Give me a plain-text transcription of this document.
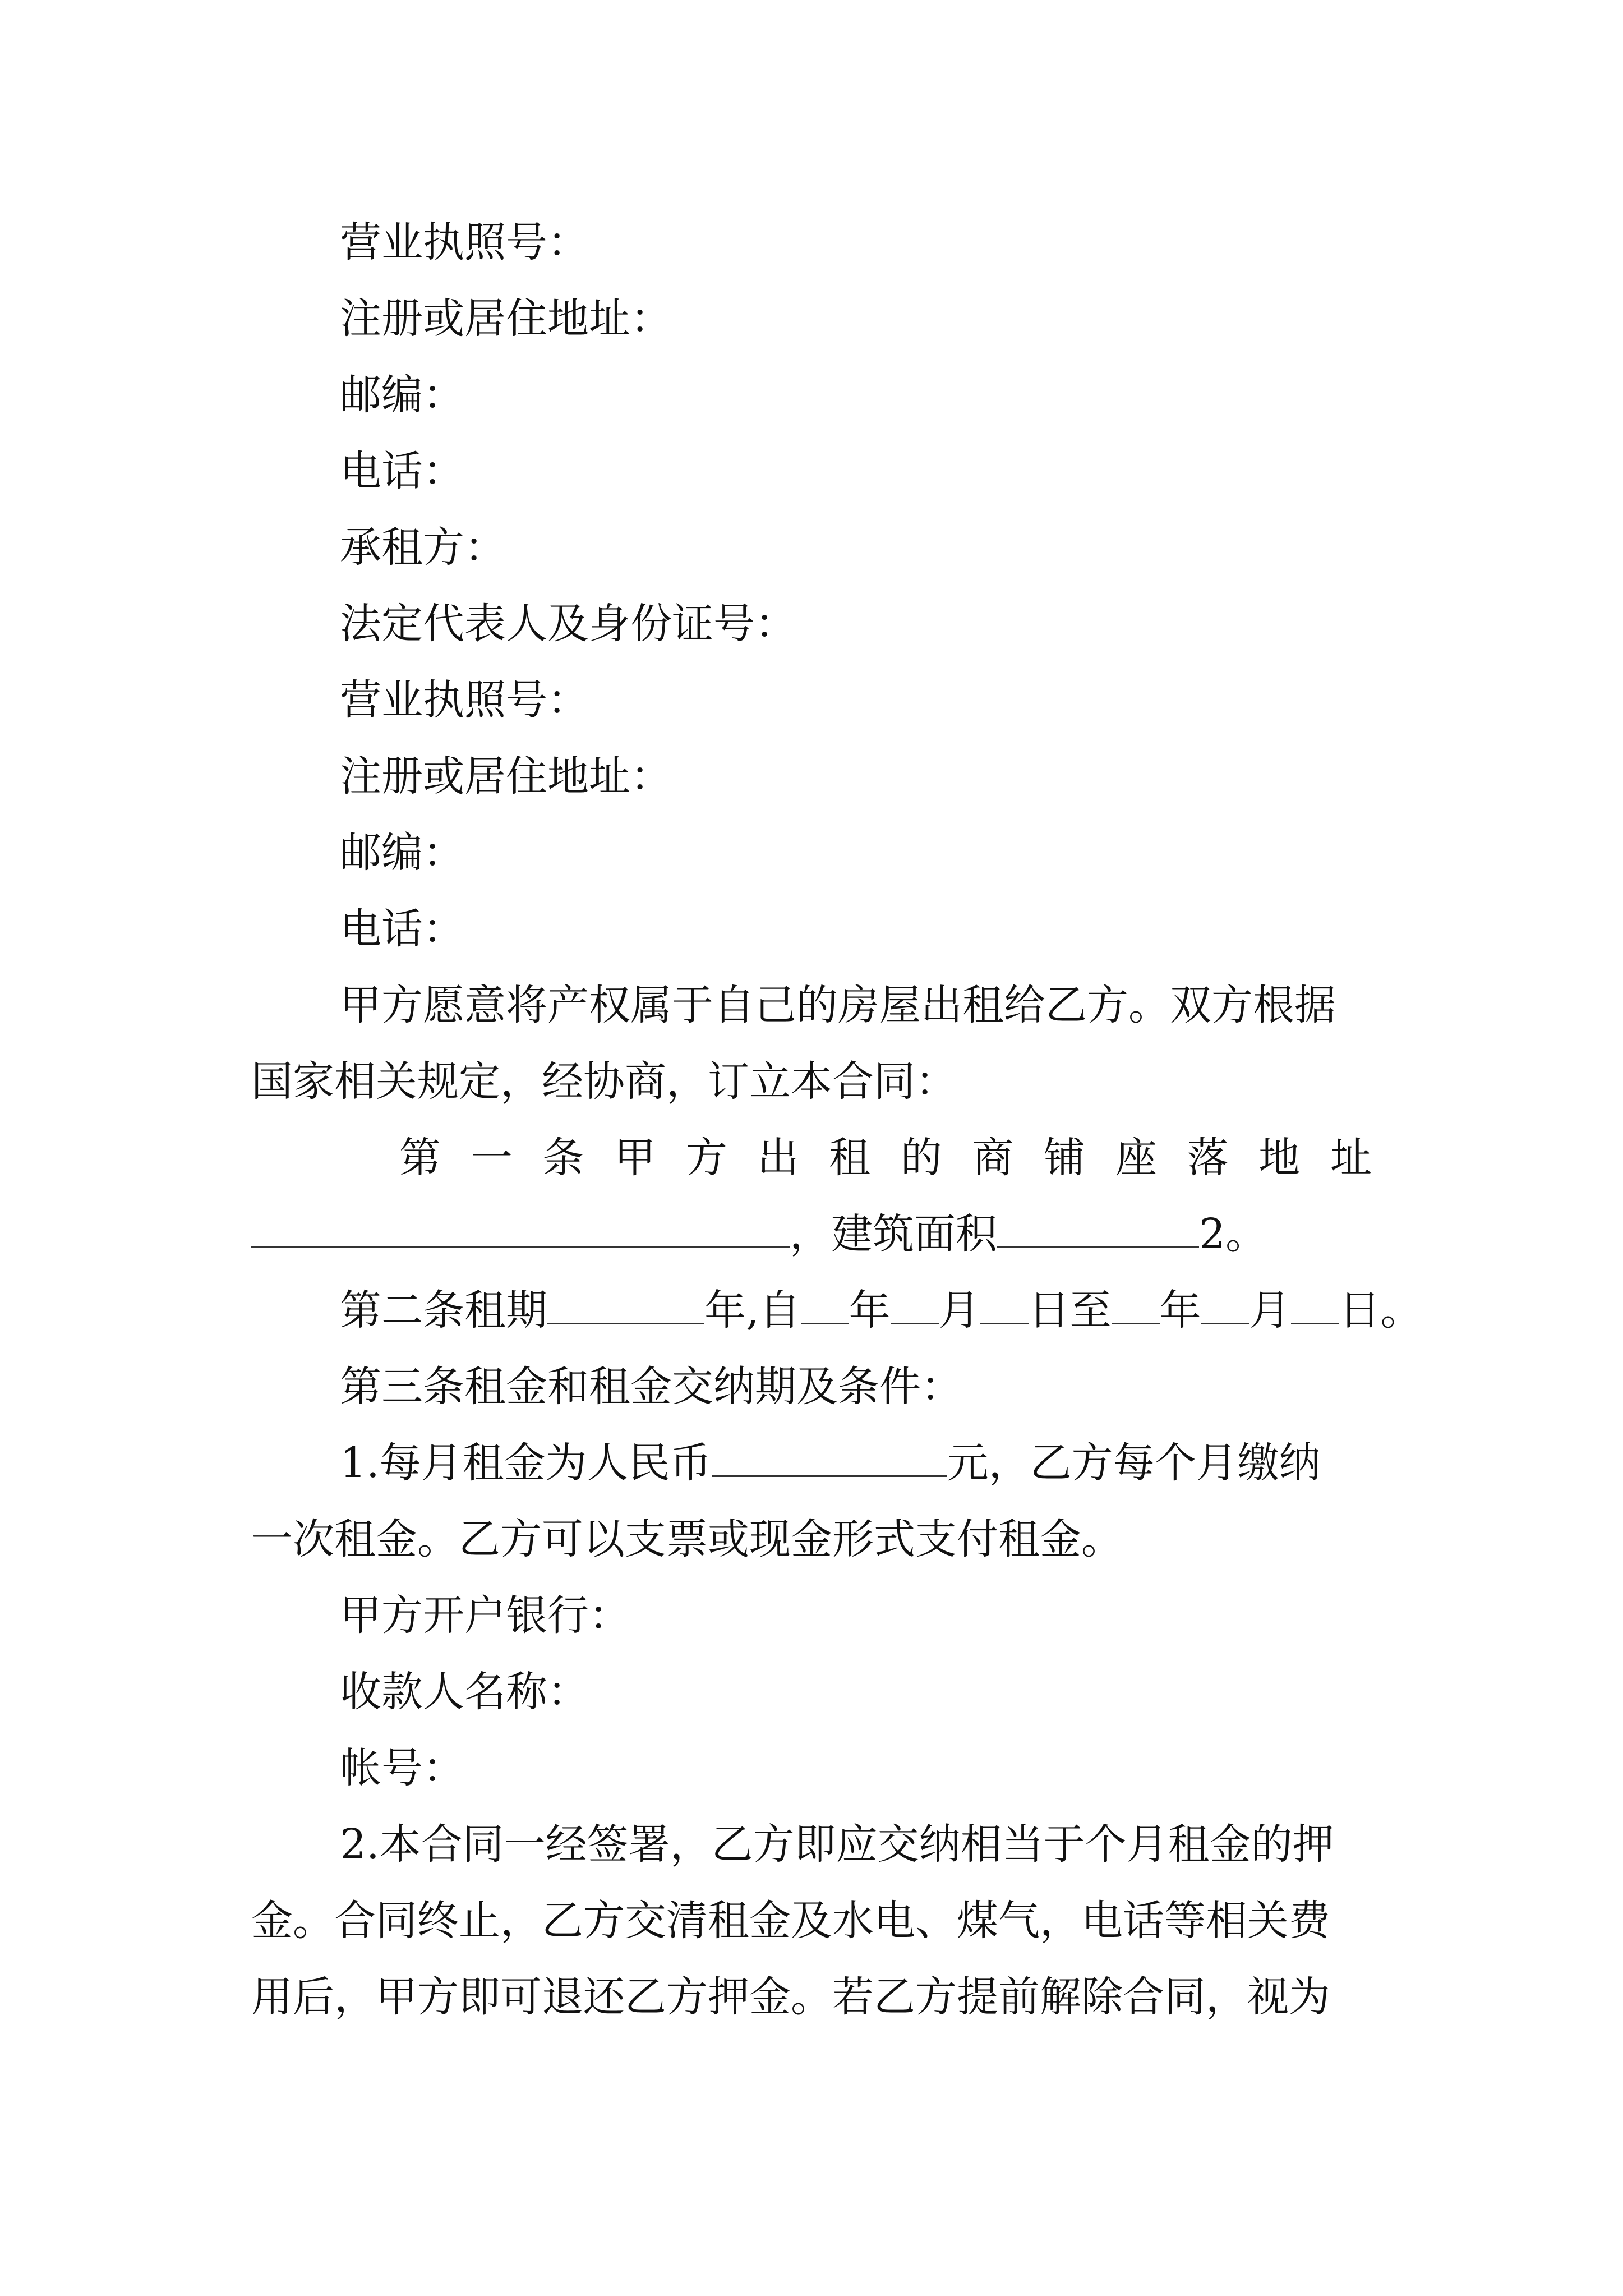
营业执照号：
注册或居住地址：
邮编：
电话：
承租方：
法定代表人及身份证号：
营业执照号：
注册或居住地址：
邮编：
电话：
甲方愿意将产权属于自己的房屋出租给乙方。双方根据
国家相关规定，经协商，订立本合同：
第 一 条 甲 方 出 租 的 商 铺 座 落 地 址
，建筑面积	2。
第二条租期	年,自 年 月 日至 年 月 日。
第三条租金和租金交纳期及条件：
1.每月租金为人民币	元，乙方每个月缴纳
一次租金。乙方可以支票或现金形式支付租金。
甲方开户银行：
收款人名称：
帐号：
2.本合同一经签署，乙方即应交纳相当于个月租金的押
金。合同终止，乙方交清租金及水电、煤气，电话等相关费
用后，甲方即可退还乙方押金。若乙方提前解除合同，视为
